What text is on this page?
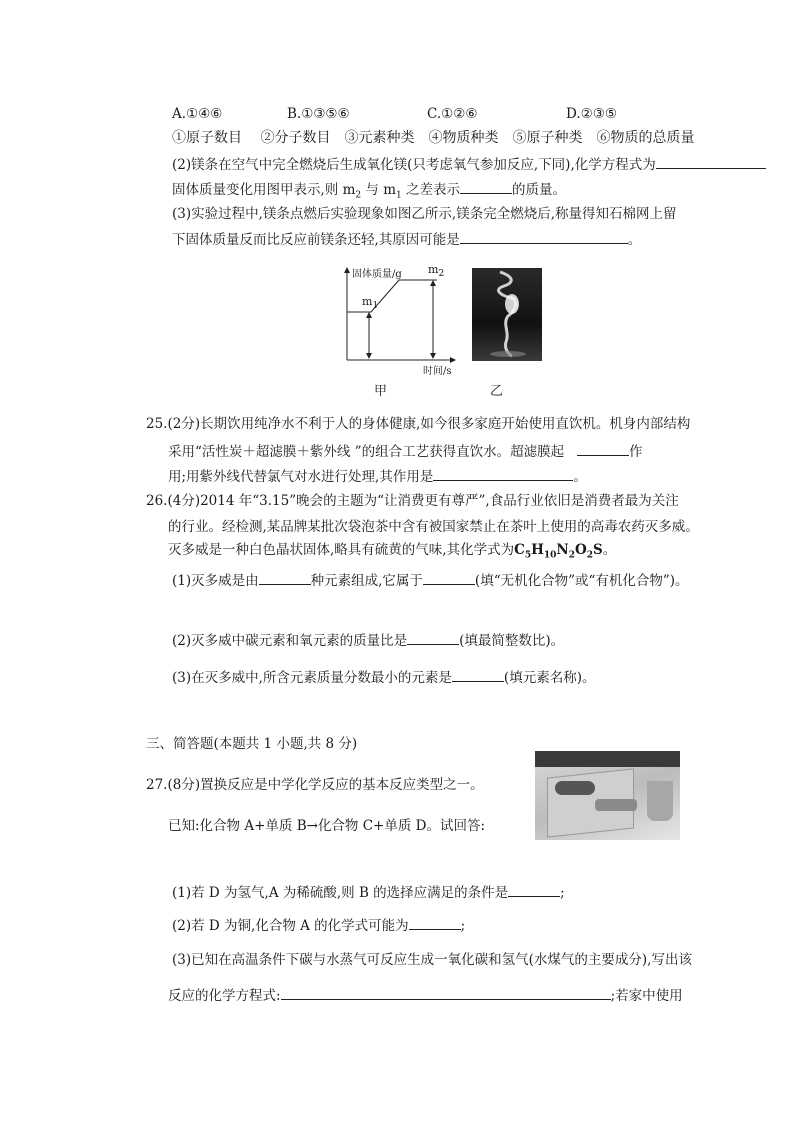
A.①④⑥	B.①③⑤⑥	C.①②⑥	D.②③⑤
①原子数目　 ②分子数目　③元素种类　④物质种类　⑤原子种类　⑥物质的总质量
(2)镁条在空气中完全燃烧后生成氧化镁(只考虑氧气参加反应,下同),化学方程式为
固体质量变化用图甲表示,则 $m_2$ 与 $m_1$ 之差表示	的质量。
(3)实验过程中,镁条点燃后实验现象如图乙所示,镁条完全燃烧后,称量得知石棉网上留
下固体质量反而比反应前镁条还轻,其原因可能是	。
固体质量/g
$m_1$
$m_2$
时间/s
甲	乙
25.(2分)长期饮用纯净水不利于人的身体健康,如今很多家庭开始使用直饮机。机身内部结构
采用“活性炭＋超滤膜＋紫外线 ”的组合工艺获得直饮水。超滤膜起	作
用;用紫外线代替氯气对水进行处理,其作用是	。
26.(4分)2014 年“3.15”晚会的主题为“让消费更有尊严”,食品行业依旧是消费者最为关注
的行业。经检测,某品牌某批次袋泡茶中含有被国家禁止在茶叶上使用的高毒农药灭多威。
灭多威是一种白色晶状固体,略具有硫黄的气味,其化学式为$C_5H_{10}N_2O_2S$。
(1)灭多威是由	种元素组成,它属于	(填“无机化合物”或“有机化合物”)。
(2)灭多威中碳元素和氧元素的质量比是	(填最简整数比)。
(3)在灭多威中,所含元素质量分数最小的元素是	(填元素名称)。
三、简答题(本题共 1 小题,共 8 分)
27.(8分)置换反应是中学化学反应的基本反应类型之一。
已知:化合物 A+单质 B→化合物 C+单质 D。试回答:
(1)若 D 为氢气,A 为稀硫酸,则 B 的选择应满足的条件是	;
(2)若 D 为铜,化合物 A 的化学式可能为	;
(3)已知在高温条件下碳与水蒸气可反应生成一氧化碳和氢气(水煤气的主要成分),写出该
反应的化学方程式:	;若家中使用
